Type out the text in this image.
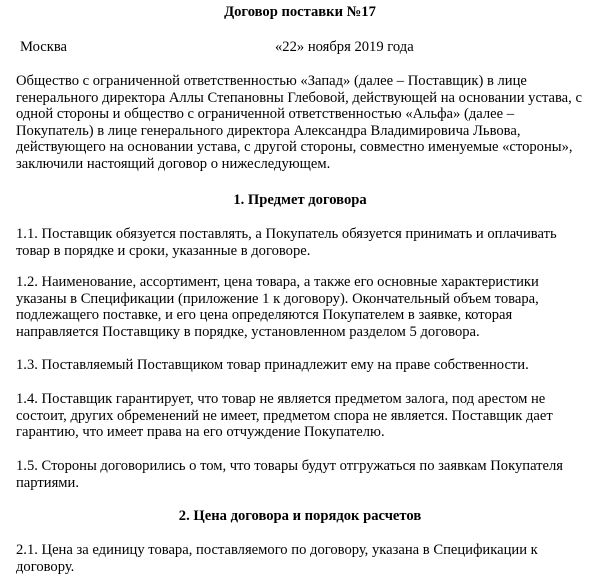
Договор поставки №17
Москва	«22» ноября 2019 года
Общество с ограниченной ответственностью «Запад» (далее – Поставщик) в лице
генерального директора Аллы Степановны Глебовой, действующей на основании устава, с
одной стороны и общество с ограниченной ответственностью «Альфа» (далее –
Покупатель) в лице генерального директора Александра Владимировича Львова,
действующего на основании устава, с другой стороны, совместно именуемые «стороны»,
заключили настоящий договор о нижеследующем.
1. Предмет договора
1.1. Поставщик обязуется поставлять, а Покупатель обязуется принимать и оплачивать
товар в порядке и сроки, указанные в договоре.
1.2. Наименование, ассортимент, цена товара, а также его основные характеристики
указаны в Спецификации (приложение 1 к договору). Окончательный объем товара,
подлежащего поставке, и его цена определяются Покупателем в заявке, которая
направляется Поставщику в порядке, установленном разделом 5 договора.
1.3. Поставляемый Поставщиком товар принадлежит ему на праве собственности.
1.4. Поставщик гарантирует, что товар не является предметом залога, под арестом не
состоит, других обременений не имеет, предметом спора не является. Поставщик дает
гарантию, что имеет права на его отчуждение Покупателю.
1.5. Стороны договорились о том, что товары будут отгружаться по заявкам Покупателя
партиями.
2. Цена договора и порядок расчетов
2.1. Цена за единицу товара, поставляемого по договору, указана в Спецификации к
договору.
